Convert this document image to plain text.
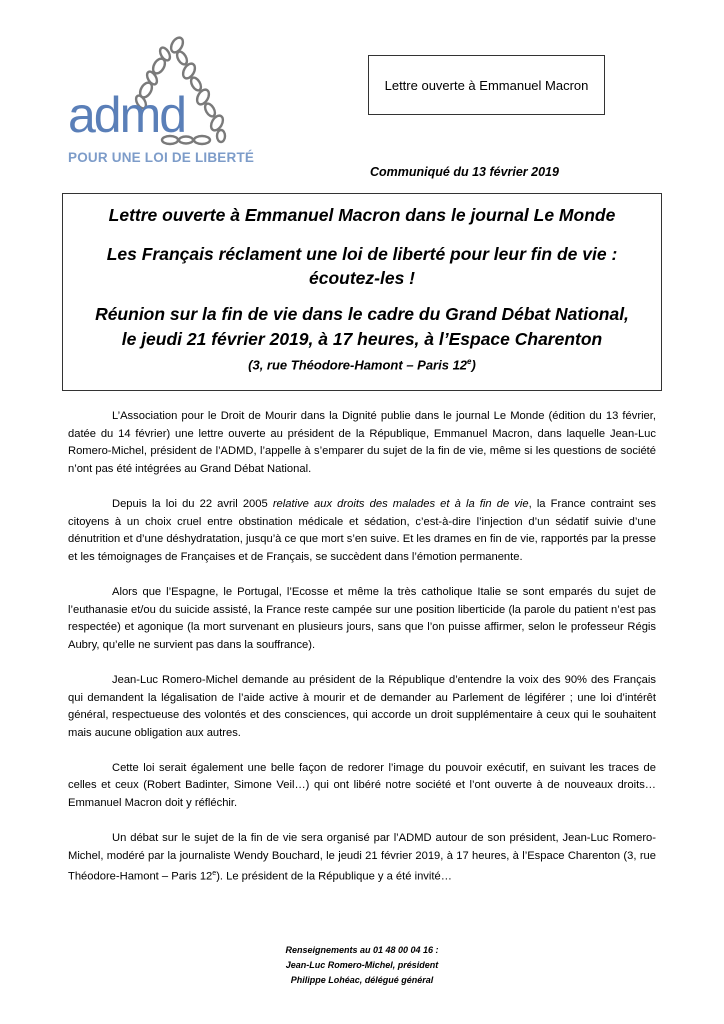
admd
POUR UNE LOI DE LIBERTÉ
Lettre ouverte à Emmanuel Macron
Communiqué du 13 février 2019
Lettre ouverte à Emmanuel Macron dans le journal Le Monde
Les Français réclament une loi de liberté pour leur fin de vie :
écoutez-les !
Réunion sur la fin de vie dans le cadre du Grand Débat National,
le jeudi 21 février 2019, à 17 heures, à l’Espace Charenton
(3, rue Théodore-Hamont – Paris 12e)

L’Association pour le Droit de Mourir dans la Dignité publie dans le journal Le Monde (édition du 13 février, datée du 14 février) une lettre ouverte au président de la République, Emmanuel Macron, dans laquelle Jean-Luc Romero-Michel, président de l’ADMD, l’appelle à s’emparer du sujet de la fin de vie, même si les questions de société n’ont pas été intégrées au Grand Débat National.

Depuis la loi du 22 avril 2005 relative aux droits des malades et à la fin de vie, la France contraint ses citoyens à un choix cruel entre obstination médicale et sédation, c’est-à-dire l’injection d’un sédatif suivie d’une dénutrition et d’une déshydratation, jusqu’à ce que mort s’en suive. Et les drames en fin de vie, rapportés par la presse et les témoignages de Françaises et de Français, se succèdent dans l’émotion permanente.

Alors que l’Espagne, le Portugal, l’Ecosse et même la très catholique Italie se sont emparés du sujet de l’euthanasie et/ou du suicide assisté, la France reste campée sur une position liberticide (la parole du patient n’est pas respectée) et agonique (la mort survenant en plusieurs jours, sans que l’on puisse affirmer, selon le professeur Régis Aubry, qu’elle ne survient pas dans la souffrance).

Jean-Luc Romero-Michel demande au président de la République d’entendre la voix des 90% des Français qui demandent la légalisation de l’aide active à mourir et de demander au Parlement de légiférer ; une loi d’intérêt général, respectueuse des volontés et des consciences, qui accorde un droit supplémentaire à ceux qui le souhaitent mais aucune obligation aux autres.

Cette loi serait également une belle façon de redorer l’image du pouvoir exécutif, en suivant les traces de celles et ceux (Robert Badinter, Simone Veil…) qui ont libéré notre société et l’ont ouverte à de nouveaux droits… Emmanuel Macron doit y réfléchir.

Un débat sur le sujet de la fin de vie sera organisé par l’ADMD autour de son président, Jean-Luc Romero-Michel, modéré par la journaliste Wendy Bouchard, le jeudi 21 février 2019, à 17 heures, à l’Espace Charenton (3, rue Théodore-Hamont – Paris 12e). Le président de la République y a été invité…

Renseignements au 01 48 00 04 16 :
Jean-Luc Romero-Michel, président
Philippe Lohéac, délégué général
